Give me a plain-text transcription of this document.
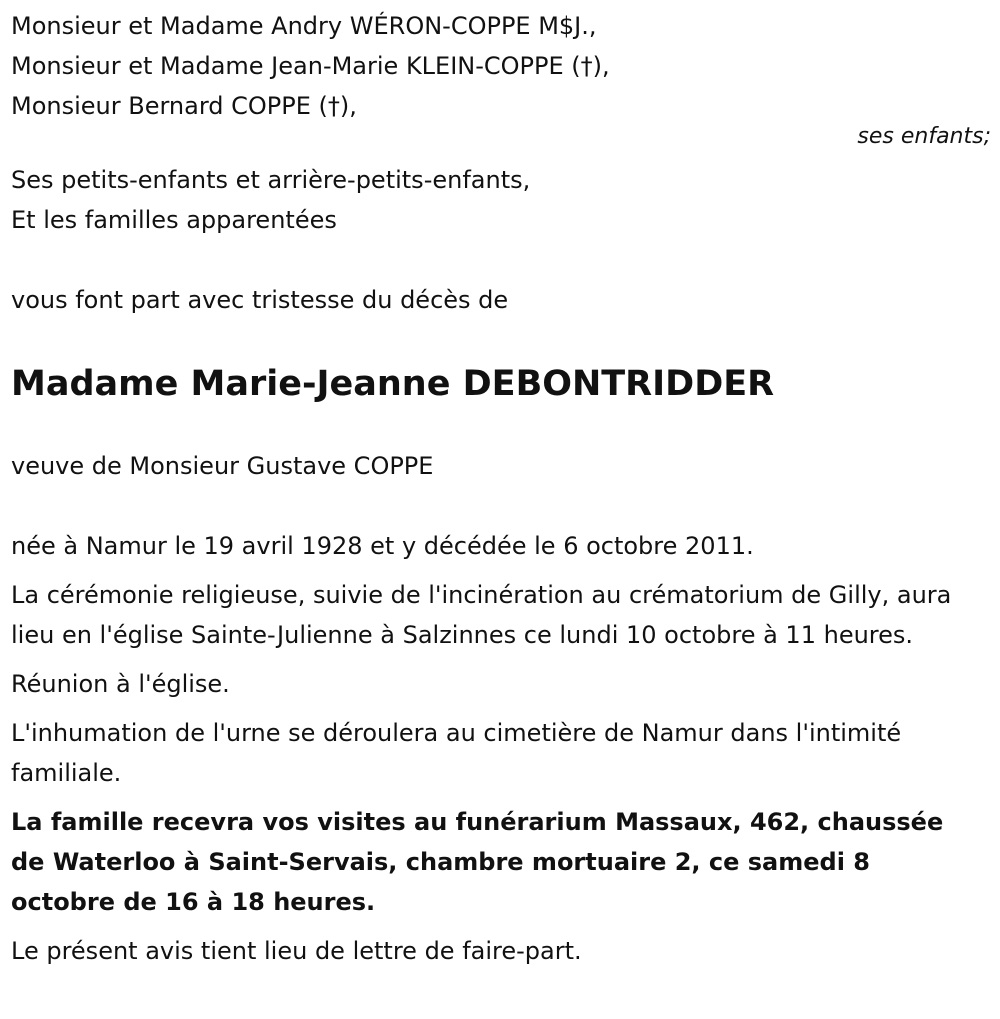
Monsieur et Madame Andry WÉRON-COPPE M$J.,

Monsieur et Madame Jean-Marie KLEIN-COPPE (†),

Monsieur Bernard COPPE (†),

ses enfants;

Ses petits-enfants et arrière-petits-enfants,

Et les familles apparentées

vous font part avec tristesse du décès de

Madame Marie-Jeanne DEBONTRIDDER

veuve de Monsieur Gustave COPPE

née à Namur le 19 avril 1928 et y décédée le 6 octobre 2011.

La cérémonie religieuse, suivie de l'incinération au crématorium de Gilly, aura lieu en l'église Sainte-Julienne à Salzinnes ce lundi 10 octobre à 11 heures.

Réunion à l'église.

L'inhumation de l'urne se déroulera au cimetière de Namur dans l'intimité familiale.

La famille recevra vos visites au funérarium Massaux, 462, chaussée de Waterloo à Saint-Servais, chambre mortuaire 2, ce samedi 8 octobre de 16 à 18 heures.

Le présent avis tient lieu de lettre de faire-part.
